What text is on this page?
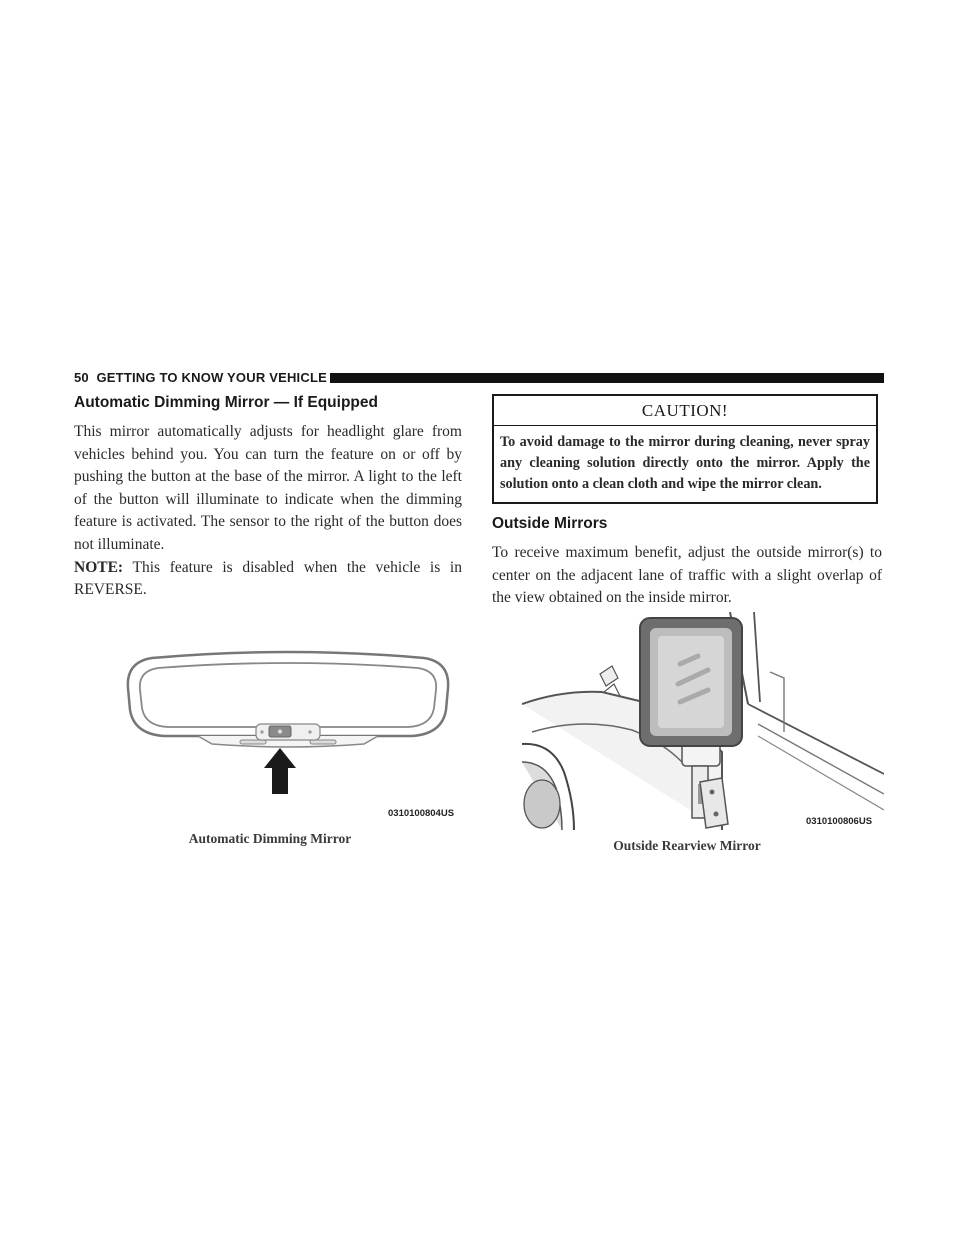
50 GETTING TO KNOW YOUR VEHICLE
Automatic Dimming Mirror — If Equipped

This mirror automatically adjusts for headlight glare from vehicles behind you. You can turn the feature on or off by pushing the button at the base of the mirror. A light to the left of the button will illuminate to indicate when the dimming feature is activated. The sensor to the right of the button does not illuminate.

NOTE: This feature is disabled when the vehicle is in REVERSE.

0310100804US
Automatic Dimming Mirror
CAUTION!
To avoid damage to the mirror during cleaning, never spray any cleaning solution directly onto the mirror. Apply the solution onto a clean cloth and wipe the mirror clean.
Outside Mirrors

To receive maximum benefit, adjust the outside mirror(s) to center on the adjacent lane of traffic with a slight overlap of the view obtained on the inside mirror.

0310100806US
Outside Rearview Mirror
